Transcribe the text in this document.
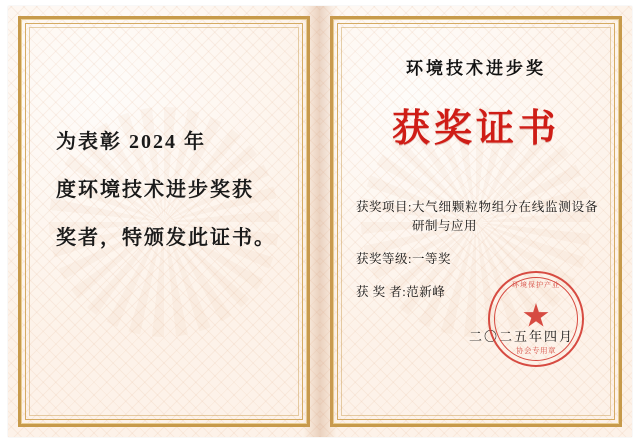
为表彰 2024 年
度环境技术进步奖获
奖者，特颁发此证书。
环境技术进步奖
获奖证书
获奖项目: 大气细颗粒物组分在线监测设备研制与应用
获奖等级: 一等奖
获 奖 者: 范新峰
二〇二五年四月
环境保护产业
协会专用章
